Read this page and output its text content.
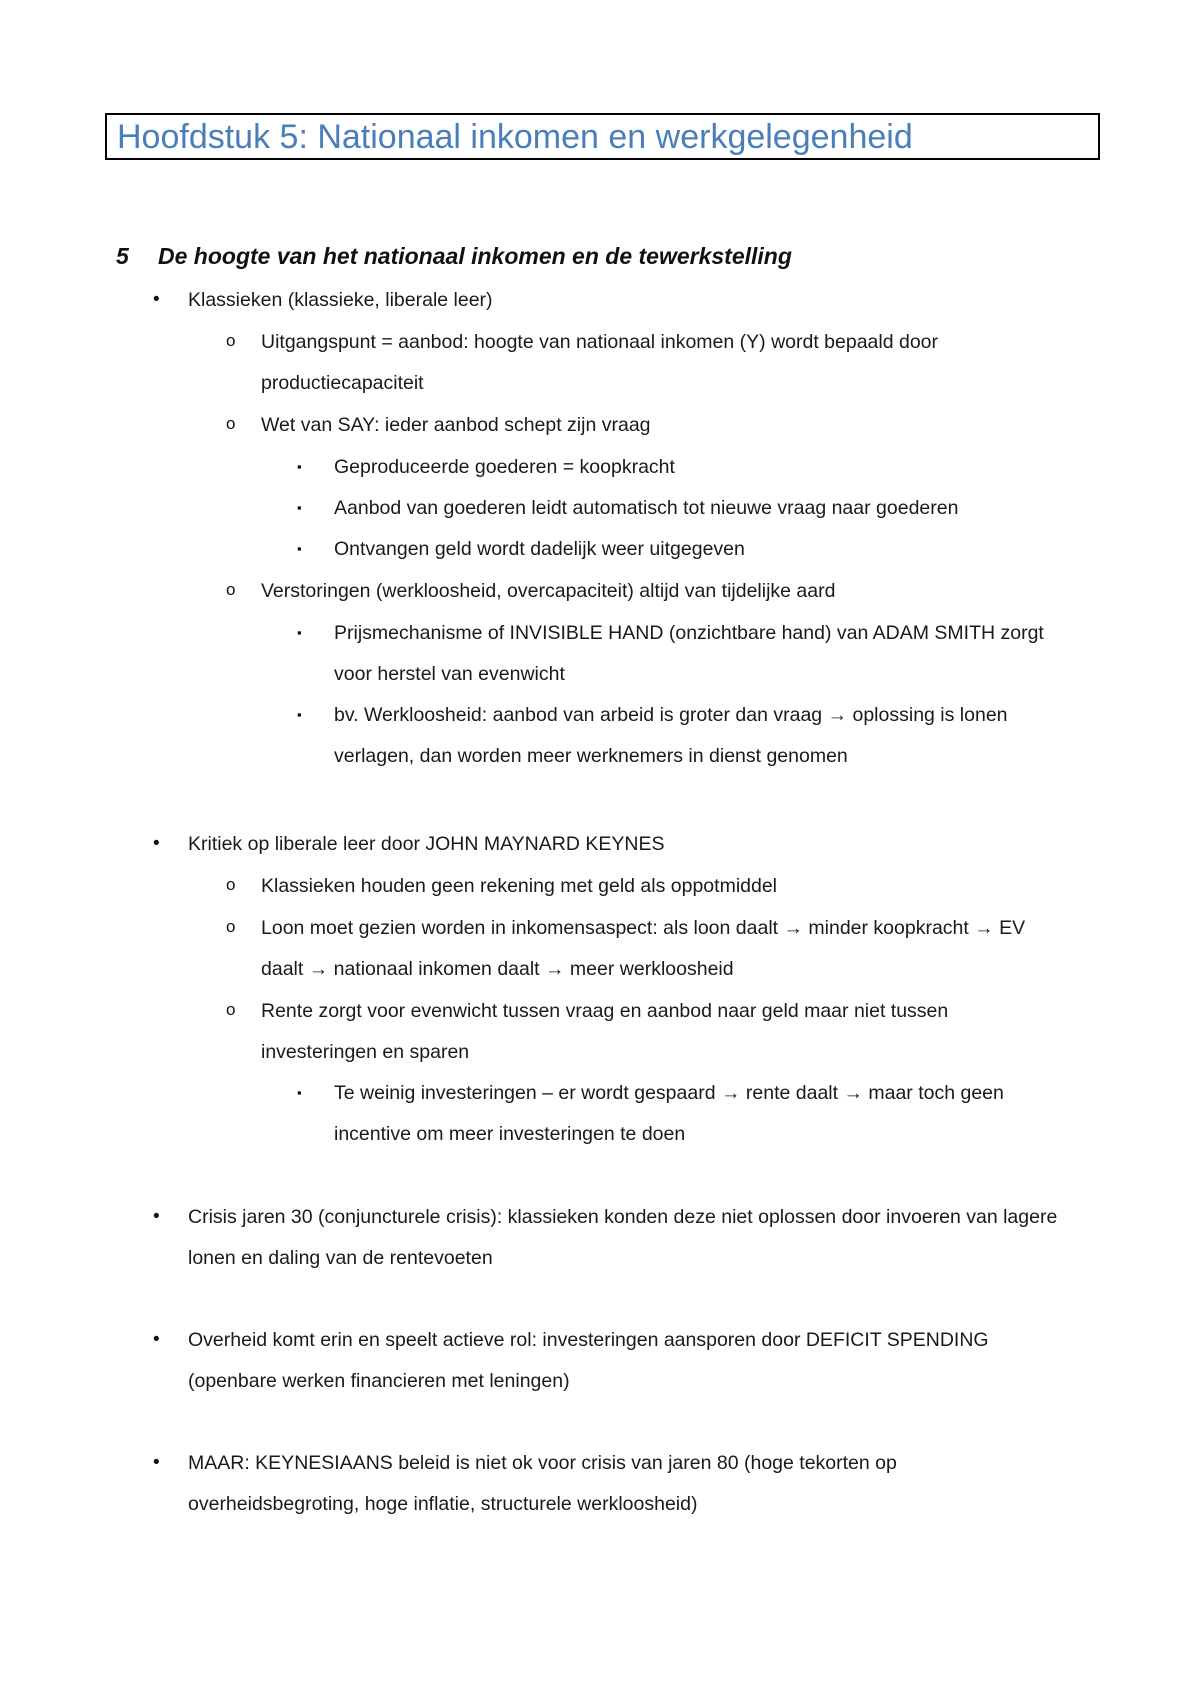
Hoofdstuk 5: Nationaal inkomen en werkgelegenheid
5 De hoogte van het nationaal inkomen en de tewerkstelling
• Klassieken (klassieke, liberale leer)
o Uitgangspunt = aanbod: hoogte van nationaal inkomen (Y) wordt bepaald door
productiecapaciteit
o Wet van SAY: ieder aanbod schept zijn vraag
▪ Geproduceerde goederen = koopkracht
▪ Aanbod van goederen leidt automatisch tot nieuwe vraag naar goederen
▪ Ontvangen geld wordt dadelijk weer uitgegeven
o Verstoringen (werkloosheid, overcapaciteit) altijd van tijdelijke aard
▪ Prijsmechanisme of INVISIBLE HAND (onzichtbare hand) van ADAM SMITH zorgt
voor herstel van evenwicht
▪ bv. Werkloosheid: aanbod van arbeid is groter dan vraag → oplossing is lonen
verlagen, dan worden meer werknemers in dienst genomen
• Kritiek op liberale leer door JOHN MAYNARD KEYNES
o Klassieken houden geen rekening met geld als oppotmiddel
o Loon moet gezien worden in inkomensaspect: als loon daalt → minder koopkracht → EV
daalt → nationaal inkomen daalt → meer werkloosheid
o Rente zorgt voor evenwicht tussen vraag en aanbod naar geld maar niet tussen
investeringen en sparen
▪ Te weinig investeringen – er wordt gespaard → rente daalt → maar toch geen
incentive om meer investeringen te doen
• Crisis jaren 30 (conjuncturele crisis): klassieken konden deze niet oplossen door invoeren van lagere
lonen en daling van de rentevoeten
• Overheid komt erin en speelt actieve rol: investeringen aansporen door DEFICIT SPENDING
(openbare werken financieren met leningen)
• MAAR: KEYNESIAANS beleid is niet ok voor crisis van jaren 80 (hoge tekorten op
overheidsbegroting, hoge inflatie, structurele werkloosheid)
